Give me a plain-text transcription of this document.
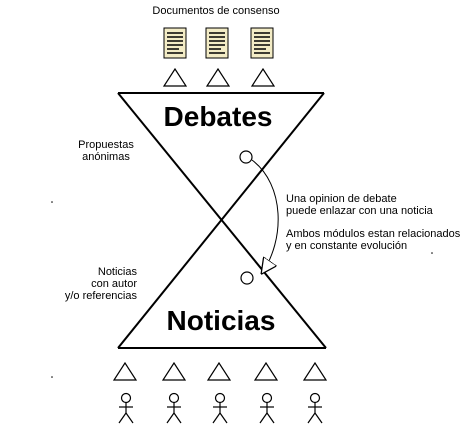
Documentos de consenso
Debates
Noticias
Propuestas
anónimas
Noticias
con autor
y/o referencias
Una opinion de debate
puede enlazar con una noticia
Ambos módulos estan relacionados
y en constante evolución
